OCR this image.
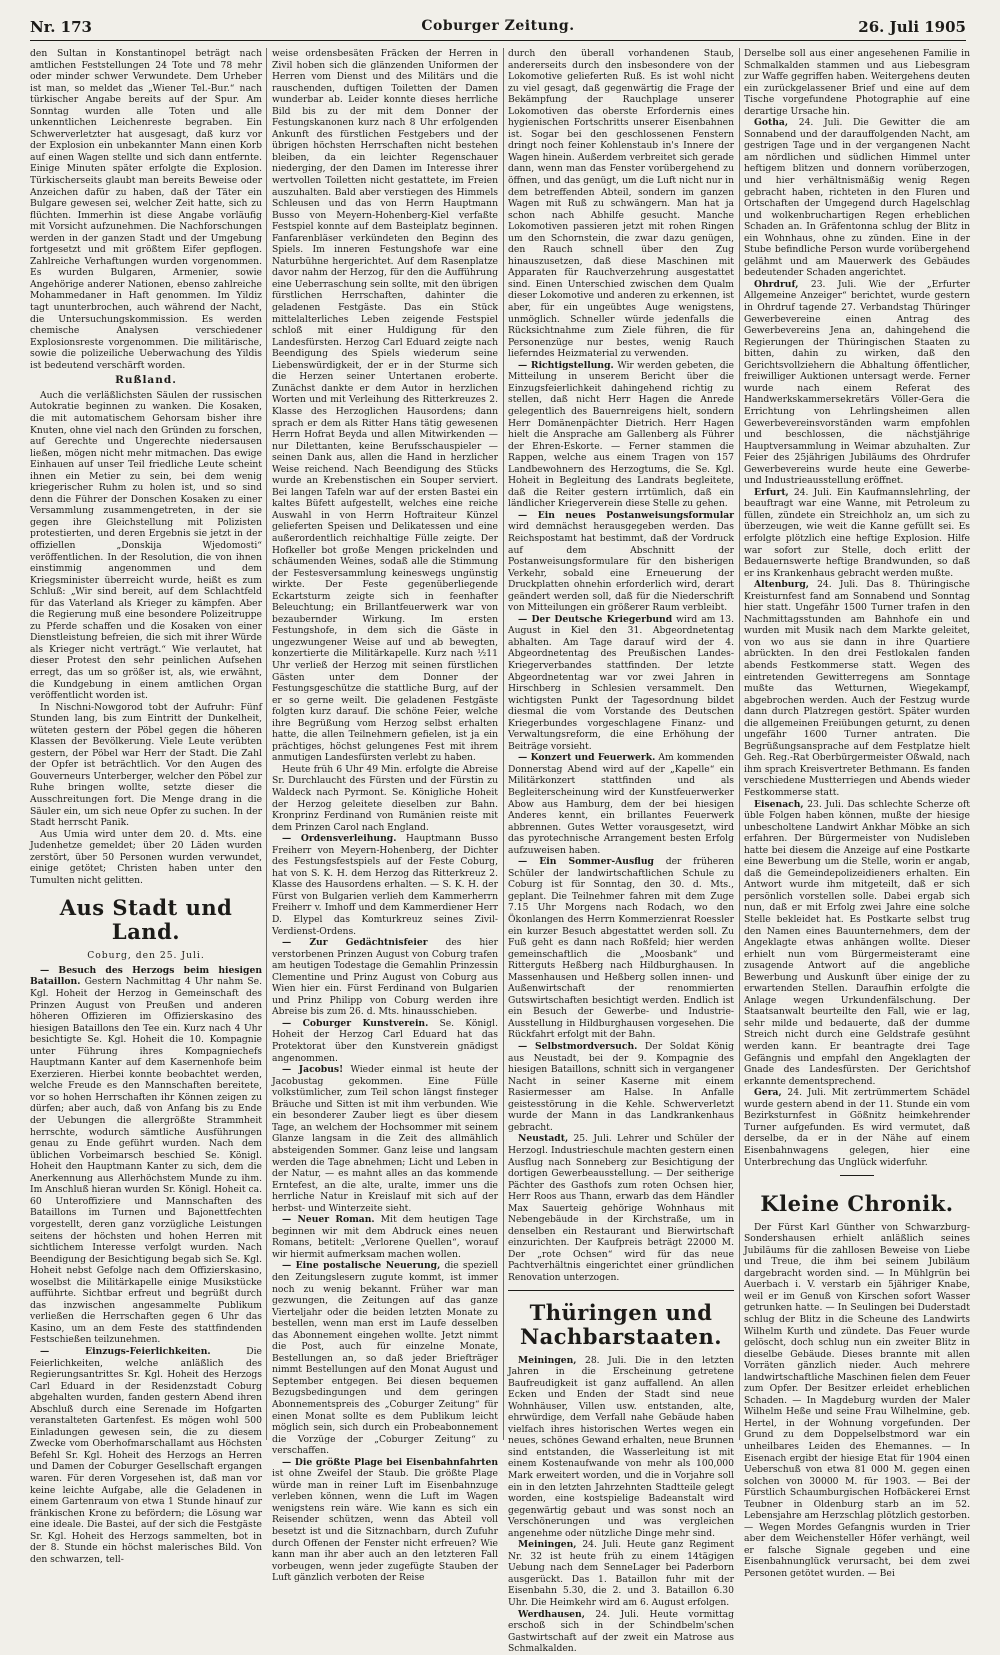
Nr. 173	Coburger Zeitung.	26. Juli 1905

den Sultan in Konstantinopel beträgt nach amtlichen Feststellungen 24 Tote und 78 mehr oder minder schwer Verwundete. Dem Urheber ist man, so meldet das „Wiener Tel.-Bur.“ nach türkischer Angabe bereits auf der Spur. Am Sonntag wurden alle Toten und alle unkenntlichen Leichenreste begraben. Ein Schwerverletzter hat ausgesagt, daß kurz vor der Explosion ein unbekannter Mann einen Korb auf einen Wagen stellte und sich dann entfernte. Einige Minuten später erfolgte die Explosion. Türkischerseits glaubt man bereits Beweise oder Anzeichen dafür zu haben, daß der Täter ein Bulgare gewesen sei, welcher Zeit hatte, sich zu flüchten. Immerhin ist diese Angabe vorläufig mit Vorsicht aufzunehmen. Die Nachforschungen werden in der ganzen Stadt und der Umgebung fortgesetzt und mit größtem Eifer gepflogen. Zahlreiche Verhaftungen wurden vorgenommen. Es wurden Bulgaren, Armenier, sowie Angehörige anderer Nationen, ebenso zahlreiche Mohammedaner in Haft genommen. Im Yildiz tagt ununterbrochen, auch während der Nacht, die Untersuchungskommission. Es werden chemische Analysen verschiedener Explosionsreste vorgenommen. Die militärische, sowie die polizeiliche Ueberwachung des Yildis ist bedeutend verschärft worden.

Rußland.

Auch die verläßlichsten Säulen der russischen Autokratie beginnen zu wanken. Die Kosaken, die mit automatischem Gehorsam bisher ihre Knuten, ohne viel nach den Gründen zu forschen, auf Gerechte und Ungerechte niedersausen ließen, mögen nicht mehr mitmachen. Das ewige Einhauen auf unser Teil friedliche Leute scheint ihnen ein Metier zu sein, bei dem wenig kriegerischer Ruhm zu holen ist, und so sind denn die Führer der Donschen Kosaken zu einer Versammlung zusammengetreten, in der sie gegen ihre Gleichstellung mit Polizisten protestierten, und deren Ergebnis sie jetzt in der offiziellen „Donskija Wjedomosti“ veröffentlichen. In der Resolution, die von ihnen einstimmig angenommen und dem Kriegsminister überreicht wurde, heißt es zum Schluß: „Wir sind bereit, auf dem Schlachtfeld für das Vaterland als Krieger zu kämpfen. Aber die Regierung muß eine besondere Polizeitruppe zu Pferde schaffen und die Kosaken von einer Dienstleistung befreien, die sich mit ihrer Würde als Krieger nicht verträgt.“ Wie verlautet, hat dieser Protest den sehr peinlichen Aufsehen erregt, das um so größer ist, als, wie erwähnt, die Kundgebung in einem amtlichen Organ veröffentlicht worden ist.

In Nischni-Nowgorod tobt der Aufruhr: Fünf Stunden lang, bis zum Eintritt der Dunkelheit, wüteten gestern der Pöbel gegen die höheren Klassen der Bevölkerung. Viele Leute verübten gestern, der Pöbel war Herr der Stadt. Die Zahl der Opfer ist beträchtlich. Vor den Augen des Gouverneurs Unterberger, welcher den Pöbel zur Ruhe bringen wollte, setzte dieser die Ausschreitungen fort. Die Menge drang in die Säuler ein, um sich neue Opfer zu suchen. In der Stadt herrscht Panik.

Aus Umia wird unter dem 20. d. Mts. eine Judenhetze gemeldet; über 20 Läden wurden zerstört, über 50 Personen wurden verwundet, einige getötet; Christen haben unter den Tumulten nicht gelitten.

Aus Stadt und Land.
Coburg, den 25. Juli.

— Besuch des Herzogs beim hiesigen Bataillon. Gestern Nachmittag 4 Uhr nahm Se. Kgl. Hoheit der Herzog in Gemeinschaft des Prinzen August von Preußen und anderen höheren Offizieren im Offizierskasino des hiesigen Bataillons den Tee ein. Kurz nach 4 Uhr besichtigte Se. Kgl. Hoheit die 10. Kompagnie unter Führung ihres Kompagniechefs Hauptmann Kanter auf dem Kasernenhofe beim Exerzieren. Hierbei konnte beobachtet werden, welche Freude es den Mannschaften bereitete, vor so hohen Herrschaften ihr Können zeigen zu dürfen; aber auch, daß von Anfang bis zu Ende der Uebungen die allergrößte Strammheit herrschte, wodurch sämtliche Ausführungen genau zu Ende geführt wurden. Nach dem üblichen Vorbeimarsch beschied Se. Königl. Hoheit den Hauptmann Kanter zu sich, dem die Anerkennung aus Allerhöchstem Munde zu ihm. Im Anschluß hieran wurden Sr. Königl. Hoheit ca. 60 Unteroffiziere und Mannschaften des Bataillons im Turnen und Bajonettfechten vorgestellt, deren ganz vorzügliche Leistungen seitens der höchsten und hohen Herren mit sichtlichem Interesse verfolgt wurden. Nach Beendigung der Besichtigung begab sich Se. Kgl. Hoheit nebst Gefolge nach dem Offizierskasino, woselbst die Militärkapelle einige Musikstücke aufführte. Sichtbar erfreut und begrüßt durch das inzwischen angesammelte Publikum verließen die Herrschaften gegen 6 Uhr das Kasino, um an dem Feste des stattfindenden Festschießen teilzunehmen.

— Einzugs-Feierlichkeiten.	Die Feierlichkeiten, welche anläßlich des Regierungsantrittes Sr. Kgl. Hoheit des Herzogs Carl Eduard in der Residenzstadt Coburg abgehalten wurden, fanden gestern Abend ihren Abschluß durch eine Serenade im Hofgarten veranstalteten Gartenfest. Es mögen wohl 500 Einladungen gewesen sein, die zu diesem Zwecke vom Oberhofmarschallamt aus Höchsten Befehl Sr. Kgl. Hoheit des Herzogs an Herren und Damen der Coburger Gesellschaft ergangen waren. Für deren Vorgesehen ist, daß man vor keine leichte Aufgabe, alle die Geladenen in einem Gartenraum von etwa 1 Stunde hinauf zur fränkischen Krone zu befördern; die Lösung war eine ideale. Die Bastei, auf der sich die Festgäste Sr. Kgl. Hoheit des Herzogs sammelten, bot in der 8. Stunde ein höchst malerisches Bild. Von den schwarzen, tell-

weise ordensbesäten Fräcken der Herren in Zivil hoben sich die glänzenden Uniformen der Herren vom Dienst und des Militärs und die rauschenden, duftigen Toiletten der Damen wunderbar ab. Leider konnte dieses herrliche Bild bis zu der mit dem Donner der Festungskanonen kurz nach 8 Uhr erfolgenden Ankunft des fürstlichen Festgebers und der übrigen höchsten Herrschaften nicht bestehen bleiben, da ein leichter Regenschauer niederging, der den Damen im Interesse ihrer wertvollen Toiletten nicht gestattete, im Freien auszuhalten. Bald aber verstiegen des Himmels Schleusen und das von Herrn Hauptmann Busso von Meyern-Hohenberg-Kiel verfaßte Festspiel konnte auf dem Basteiplatz beginnen. Fanfarenbläser verkündeten den Beginn des Spiels. Im inneren Festungshofe war eine Naturbühne hergerichtet. Auf dem Rasenplatze davor nahm der Herzog, für den die Aufführung eine Ueberraschung sein sollte, mit den übrigen fürstlichen Herrschaften, dahinter die geladenen Festgäste. Das ein Stück mittelalterliches Leben zeigende Festspiel schloß mit einer Huldigung für den Landesfürsten. Herzog Carl Eduard zeigte nach Beendigung des Spiels wiederum seine Liebenswürdigkeit, der er in der Sturme sich die Herzen seiner Untertanen eroberte. Zunächst dankte er dem Autor in herzlichen Worten und mit Verleihung des Ritterkreuzes 2. Klasse des Herzoglichen Hausordens; dann sprach er dem als Ritter Hans tätig gewesenen Herrn Hofrat Beyda und allen Mitwirkenden — nur Dilettanten, keine Berufsschauspieler — seinen Dank aus, allen die Hand in herzlicher Weise reichend. Nach Beendigung des Stücks wurde an Krebenstischen ein Souper serviert. Bei langen Tafeln war auf der ersten Bastei ein kaltes Büfett aufgestellt, welches eine reiche Auswahl in von Herrn Hoftraiteur Künzel gelieferten Speisen und Delikatessen und eine außerordentlich reichhaltige Fülle zeigte. Der Hofkeller bot große Mengen prickelnden und schäumenden Weines, sodaß alle die Stimmung der Festesversammlung keineswegs ungünstig wirkte. Der Feste gegenüberliegende Eckartsturm zeigte sich in feenhafter Beleuchtung; ein Brillantfeuerwerk war von bezaubernder Wirkung. Im ersten Festungshofe, in dem sich die Gäste in ungezwungener Weise auf und ab bewegten, konzertierte die Militärkapelle. Kurz nach ½11 Uhr verließ der Herzog mit seinen fürstlichen Gästen unter dem Donner der Festungsgeschütze die stattliche Burg, auf der er so gerne weilt. Die geladenen Festgäste folgten kurz darauf. Die schöne Feier, welche ihre Begrüßung vom Herzog selbst erhalten hatte, die allen Teilnehmern gefielen, ist ja ein prächtiges, höchst gelungenes Fest mit ihrem anmutigen Landesfürsten verlebt zu haben.

Heute früh 6 Uhr 49 Min. erfolgte die Abreise Sr. Durchlaucht des Fürsten und der Fürstin zu Waldeck nach Pyrmont. Se. Königliche Hoheit der Herzog geleitete dieselben zur Bahn. Kronprinz Ferdinand von Rumänien reiste mit dem Prinzen Carol nach England.

— Ordensverleihung. Hauptmann Busso Freiherr von Meyern-Hohenberg, der Dichter des Festungsfestspiels auf der Feste Coburg, hat von S. K. H. dem Herzog das Ritterkreuz 2. Klasse des Hausordens erhalten. — S. K. H. der Fürst von Bulgarien verlieh dem Kammerherrn Freiherr v. Imhoff und dem Kammerdiener Herr D. Elypel das Komturkreuz seines Zivil-Verdienst-Ordens.

— Zur Gedächtnisfeier des hier verstorbenen Prinzen August von Coburg trafen am heutigen Todestage die Gemahlin Prinzessin Clementine und Prinz August von Coburg aus Wien hier ein. Fürst Ferdinand von Bulgarien und Prinz Philipp von Coburg werden ihre Abreise bis zum 26. d. Mts. hinausschieben.

— Coburger Kunstverein. Se. Königl. Hoheit der Herzog Carl Eduard hat das Protektorat über den Kunstverein gnädigst angenommen.

— Jacobus! Wieder einmal ist heute der Jacobustag gekommen. Eine Fülle volkstümlicher, zum Teil schon längst finsteger Bräuche und Sitten ist mit ihm verbunden. Wie ein besonderer Zauber liegt es über diesem Tage, an welchem der Hochsommer mit seinem Glanze langsam in die Zeit des allmählich absteigenden Sommer. Ganz leise und langsam werden die Tage abnehmen; Licht und Leben in der Natur, — es mahnt alles an das kommende Erntefest, an die alte, uralte, immer uns die herrliche Natur in Kreislauf mit sich auf der herbst- und Winterzeite sieht.

— Neuer Roman. Mit dem heutigen Tage beginnen wir mit dem Abdruck eines neuen Romans, betitelt: „Verlorene Quellen“, worauf wir hiermit aufmerksam machen wollen.

— Eine postalische Neuerung, die speziell den Zeitungslesern zugute kommt, ist immer noch zu wenig bekannt. Früher war man gezwungen, die Zeitungen auf das ganze Vierteljahr oder die beiden letzten Monate zu bestellen, wenn man erst im Laufe desselben das Abonnement eingehen wollte. Jetzt nimmt die Post, auch für einzelne Monate, Bestellungen an, so daß jeder Briefträger nimmt Bestellungen auf den Monat August und September entgegen. Bei diesen bequemen Bezugsbedingungen und dem geringen Abonnementspreis des „Coburger Zeitung“ für einen Monat sollte es dem Publikum leicht möglich sein, sich durch ein Probeabonnement die Vorzüge der „Coburger Zeitung“ zu verschaffen.

— Die größte Plage bei Eisenbahnfahrten ist ohne Zweifel der Staub. Die größte Plage würde man in reiner Luft im Eisenbahnzuge verleben können, wenn die Luft im Wagen wenigstens rein wäre. Wie kann es sich ein Reisender schützen, wenn das Abteil voll besetzt ist und die Sitznachbarn, durch Zufuhr durch Offenen der Fenster nicht erfreuen? Wie kann man ihr aber auch an den letzteren Fall vorbeugen, wenn jeder zugefügte Stauben der Luft gänzlich verboten der Reise

durch den überall vorhandenen Staub, andererseits durch den insbesondere von der Lokomotive gelieferten Ruß. Es ist wohl nicht zu viel gesagt, daß gegenwärtig die Frage der Bekämpfung der Rauchplage unserer Lokomotiven das oberste Erfordernis eines hygienischen Fortschritts unserer Eisenbahnen ist. Sogar bei den geschlossenen Fenstern dringt noch feiner Kohlenstaub in's Innere der Wagen hinein. Außerdem verbreitet sich gerade dann, wenn man das Fenster vorübergehend zu öffnen, und das genügt, um die Luft nicht nur in dem betreffenden Abteil, sondern im ganzen Wagen mit Ruß zu schwängern. Man hat ja schon nach Abhilfe gesucht. Manche Lokomotiven passieren jetzt mit rohen Ringen um den Schornstein, die zwar dazu genügen, den Rauch schnell über den Zug hinauszusetzen, daß diese Maschinen mit Apparaten für Rauchverzehrung ausgestattet sind. Einen Unterschied zwischen dem Qualm dieser Lokomotive und anderen zu erkennen, ist aber, für ein ungeübtes Auge wenigstens, unmöglich. Schneller würde jedenfalls die Rücksichtnahme zum Ziele führen, die für Personenzüge nur bestes, wenig Rauch lieferndes Heizmaterial zu verwenden.

— Richtigstellung. Wir werden gebeten, die Mitteilung in unserem Bericht über die Einzugsfeierlichkeit dahingehend richtig zu stellen, daß nicht Herr Hagen die Anrede gelegentlich des Bauernreigens hielt, sondern Herr Domänenpächter Dietrich. Herr Hagen hielt die Ansprache am Gallenberg als Führer der Ehren-Eskorte. — Ferner stammen die Rappen, welche aus einem Tragen von 157 Landbewohnern des Herzogtums, die Se. Kgl. Hoheit in Begleitung des Landrats begleitete, daß die Reiter gestern irrtümlich, daß ein ländlicher Kriegerverein diese Stelle zu gehen.

— Ein neues Postanweisungsformular wird demnächst herausgegeben werden. Das Reichspostamt hat bestimmt, daß der Vordruck auf dem Abschnitt der Postanweisungsformulare für den bisherigen Verkehr, sobald eine Erneuerung der Druckplatten ohnehin erforderlich wird, derart geändert werden soll, daß für die Niederschrift von Mitteilungen ein größerer Raum verbleibt.

— Der Deutsche Kriegerbund wird am 13. August in Kiel den 31. Abgeordnetentag abhalten. Am Tage darauf wird der 4. Abgeordnetentag des Preußischen Landes-Kriegerverbandes stattfinden. Der letzte Abgeordnetentag war vor zwei Jahren in Hirschberg in Schlesien versammelt. Den wichtigsten Punkt der Tagesordnung bildet diesmal die vom Vorstande des Deutschen Kriegerbundes vorgeschlagene Finanz- und Verwaltungsreform, die eine Erhöhung der Beiträge vorsieht.

— Konzert und Feuerwerk. Am kommenden Donnerstag Abend wird auf der „Kapelle“ ein Militärkonzert stattfinden und als Begleiterscheinung wird der Kunstfeuerwerker Abow aus Hamburg, dem der bei hiesigen Anderes kennt, ein brillantes Feuerwerk abbrennen. Gutes Wetter vorausgesetzt, wird das pyrotechnische Arrangement besten Erfolg aufzuweisen haben.

— Ein Sommer-Ausflug der früheren Schüler der landwirtschaftlichen Schule zu Coburg ist für Sonntag, den 30. d. Mts., geplant. Die Teilnehmer fahren mit dem Zuge 7.15 Uhr Morgens nach Rodach, wo den Ökonlangen des Herrn Kommerzienrat Roessler ein kurzer Besuch abgestattet werden soll. Zu Fuß geht es dann nach Roßfeld; hier werden gemeinschaftlich die „Moosbank“ und Ritterguts Heßberg nach Hildburghausen. In Massenhausen und Heßberg sollen innen- und Außenwirtschaft der renommierten Gutswirtschaften besichtigt werden. Endlich ist ein Besuch der Gewerbe- und Industrie-Ausstellung in Hildburghausen vorgesehen. Die Rückfahrt erfolgt mit der Bahn.

— Selbstmordversuch. Der Soldat König aus Neustadt, bei der 9. Kompagnie des hiesigen Bataillons, schnitt sich in vergangener Nacht in seiner Kaserne mit einem Rasiermesser am Halse. In Anfalle geistesstörung in die Kehle. Schwerverletzt wurde der Mann in das Landkrankenhaus gebracht.

Neustadt, 25. Juli. Lehrer und Schüler der Herzogl. Industrieschule machten gestern einen Ausflug nach Sonneberg zur Besichtigung der dortigen Gewerbeausstellung. — Der seitherige Pächter des Gasthofs zum roten Ochsen hier, Herr Roos aus Thann, erwarb das dem Händler Max Sauerteig gehörige Wohnhaus mit Nebengebäude in der Kirchstraße, um in denselben ein Restaurant und Bierwirtschaft einzurichten. Der Kaufpreis beträgt 22000 M. Der „rote Ochsen“ wird für das neue Pachtverhältnis eingerichtet einer gründlichen Renovation unterzogen.

Thüringen und Nachbarstaaten.

Meiningen, 28. Juli. Die in den letzten Jahren in die Erscheinung getretene Baufreudigkeit ist ganz auffallend. An allen Ecken und Enden der Stadt sind neue Wohnhäuser, Villen usw. entstanden, alte, ehrwürdige, dem Verfall nahe Gebäude haben vielfach ihres historischen Wertes wegen ein neues, schönes Gewand erhalten, neue Brunnen sind entstanden, die Wasserleitung ist mit einem Kostenaufwande von mehr als 100,000 Mark erweitert worden, und die in Vorjahre soll ein in den letzten Jahrzehnten Stadtteile gelegt worden, eine kostspielige Badeanstalt wird gegenwärtig gebaut und was sonst noch an Verschönerungen und was vergleichen angenehme oder nützliche Dinge mehr sind.

Meiningen, 24. Juli. Heute ganz Regiment Nr. 32 ist heute früh zu einem 14tägigen Uebung nach dem SenneLager bei Paderborn ausgerückt. Das 1. Bataillon fuhr mit der Eisenbahn 5.30, die 2. und 3. Bataillon 6.30 Uhr. Die Heimkehr wird am 6. August erfolgen.

Werdhausen, 24. Juli. Heute vormittag erschoß sich in der Schindbelm'schen Gastwirtschaft auf der zweit ein Matrose aus Schmalkalden.

Derselbe soll aus einer angesehenen Familie in Schmalkalden stammen und aus Liebesgram zur Waffe gegriffen haben. Weitergehens deuten ein zurückgelassener Brief und eine auf dem Tische vorgefundene Photographie auf eine derartige Ursache hin.

Gotha, 24. Juli. Die Gewitter die am Sonnabend und der darauffolgenden Nacht, am gestrigen Tage und in der vergangenen Nacht am nördlichen und südlichen Himmel unter heftigem blitzen und donnern vorüberzogen, und hier verhältnismäßig wenig Regen gebracht haben, richteten in den Fluren und Ortschaften der Umgegend durch Hagelschlag und wolkenbruchartigen Regen erheblichen Schaden an. In Gräfentonna schlug der Blitz in ein Wohnhaus, ohne zu zünden. Eine in der Stube befindliche Person wurde vorübergehend gelähmt und am Mauerwerk des Gebäudes bedeutender Schaden angerichtet.

Ohrdruf, 23. Juli. Wie der „Erfurter Allgemeine Anzeiger“ berichtet, wurde gestern in Ohrdruf tagende 27. Verbandstag Thüringer Gewerbevereine einen Antrag des Gewerbevereins Jena an, dahingehend die Regierungen der Thüringischen Staaten zu bitten, dahin zu wirken, daß den Gerichtsvollziehern die Abhaltung öffentlicher, freiwilliger Auktionen untersagt werde. Ferner wurde nach einem Referat des Handwerkskammersekretärs Völler-Gera die Errichtung von Lehrlingsheimen allen Gewerbevereinsvorständen warm empfohlen und beschlossen, die nächstjährige Hauptversammlung in Weimar abzuhalten. Zur Feier des 25jährigen Jubiläums des Ohrdrufer Gewerbevereins wurde heute eine Gewerbe- und Industrieausstellung eröffnet.

Erfurt, 24. Juli. Ein Kaufmannslehrling, der beauftragt war eine Wanne, mit Petroleum zu füllen, zündete ein Streichholz an, um sich zu überzeugen, wie weit die Kanne gefüllt sei. Es erfolgte plötzlich eine heftige Explosion. Hilfe war sofort zur Stelle, doch erlitt der Bedauernswerte heftige Brandwunden, so daß er ins Krankenhaus gebracht werden mußte.

Altenburg, 24. Juli. Das 8. Thüringische Kreisturnfest fand am Sonnabend und Sonntag hier statt. Ungefähr 1500 Turner trafen in den Nachmittagsstunden am Bahnhofe ein und wurden mit Musik nach dem Markte geleitet, von wo aus sie dann in ihre Quartiere abrückten. In den drei Festlokalen fanden abends Festkommerse statt. Wegen des eintretenden Gewitterregens am Sonntage mußte das Wetturnen, Wiegekampf, abgebrochen werden. Auch der Festzug wurde dann durch Platzregen gestört. Später wurden die allgemeinen Freiübungen geturnt, zu denen ungefähr 1600 Turner antraten. Die Begrüßungsansprache auf dem Festplatze hielt Geh. Reg.-Rat Oberbürgermeister Oßwald, nach ihm sprach Kreisvertreter Bethmann. Es fanden verschiedene Mustterriegen und Abends wieder Festkommerse statt.

Eisenach, 23. Juli. Das schlechte Scherze oft üble Folgen haben können, mußte der hiesige unbescholtene Landwirt Ankhar Möbke an sich erfahren. Der Bürgermeister von Nudisleben hatte bei diesem die Anzeige auf eine Postkarte eine Bewerbung um die Stelle, worin er angab, daß die Gemeindepolizeidieners erhalten. Ein Antwort wurde ihm mitgeteilt, daß er sich persönlich vorstellen solle. Dabei ergab sich nun, daß er mit Erfolg zwei Jahre eine solche Stelle bekleidet hat. Es Postkarte selbst trug den Namen eines Bauunternehmers, dem der Angeklagte etwas anhängen wollte. Dieser erhielt nun vom Bürgermeisteramt eine zusagende Antwort auf die angebliche Bewerbung und Auskunft über einige der zu erwartenden Stellen. Daraufhin erfolgte die Anlage wegen Urkundenfälschung. Der Staatsanwalt beurteilte den Fall, wie er lag, sehr milde und bedauerte, daß der dumme Streich nicht durch eine Geldstrafe gesühnt werden kann. Er beantragte drei Tage Gefängnis und empfahl den Angeklagten der Gnade des Landesfürsten. Der Gerichtshof erkannte dementsprechend.

Gera, 24. Juli. Mit zertrümmertem Schädel wurde gestern abend in der 11. Stunde ein vom Bezirksturnfest in Gößnitz heimkehrender Turner aufgefunden. Es wird vermutet, daß derselbe, da er in der Nähe auf einem Eisenbahnwagens gelegen, hier eine Unterbrechung das Unglück widerfuhr.

Kleine Chronik.

Der Fürst Karl Günther von Schwarzburg-Sondershausen erhielt anläßlich seines Jubiläums für die zahllosen Beweise von Liebe und Treue, die ihm bei seinem Jubiläum dargebracht worden sind. — In Mühlgrün bei Auerbach i. V. verstarb ein 5jähriger Knabe, weil er im Genuß von Kirschen sofort Wasser getrunken hatte. — In Seulingen bei Duderstadt schlug der Blitz in die Scheune des Landwirts Wilhelm Kurth und zündete. Das Feuer wurde gelöscht, doch schlug nun ein zweiter Blitz in dieselbe Gebäude. Dieses brannte mit allen Vorräten gänzlich nieder. Auch mehrere landwirtschaftliche Maschinen fielen dem Feuer zum Opfer. Der Besitzer erleidet erheblichen Schaden. — In Magdeburg wurden der Maler Wilhelm Heße und seine Frau Wilhelmine, geb. Hertel, in der Wohnung vorgefunden. Der Grund zu dem Doppelselbstmord war ein unheilbares Leiden des Ehemannes. — In Eisenach ergibt der hiesige Etat für 1904 einen Ueberschuß von etwa 81 000 M. gegen einen solchen von 30000 M. für 1903. — Bei der Fürstlich Schaumburgischen Hofbäckerei Ernst Teubner in Oldenburg starb an im 52. Lebensjahre am Herzschlag plötzlich gestorben. — Wegen Mordes Gefangnis wurden in Trier aber dem Weichensteller Höfer verhängt, weil er falsche Signale gegeben und eine Eisenbahnunglück verursacht, bei dem zwei Personen getötet wurden. — Bei
